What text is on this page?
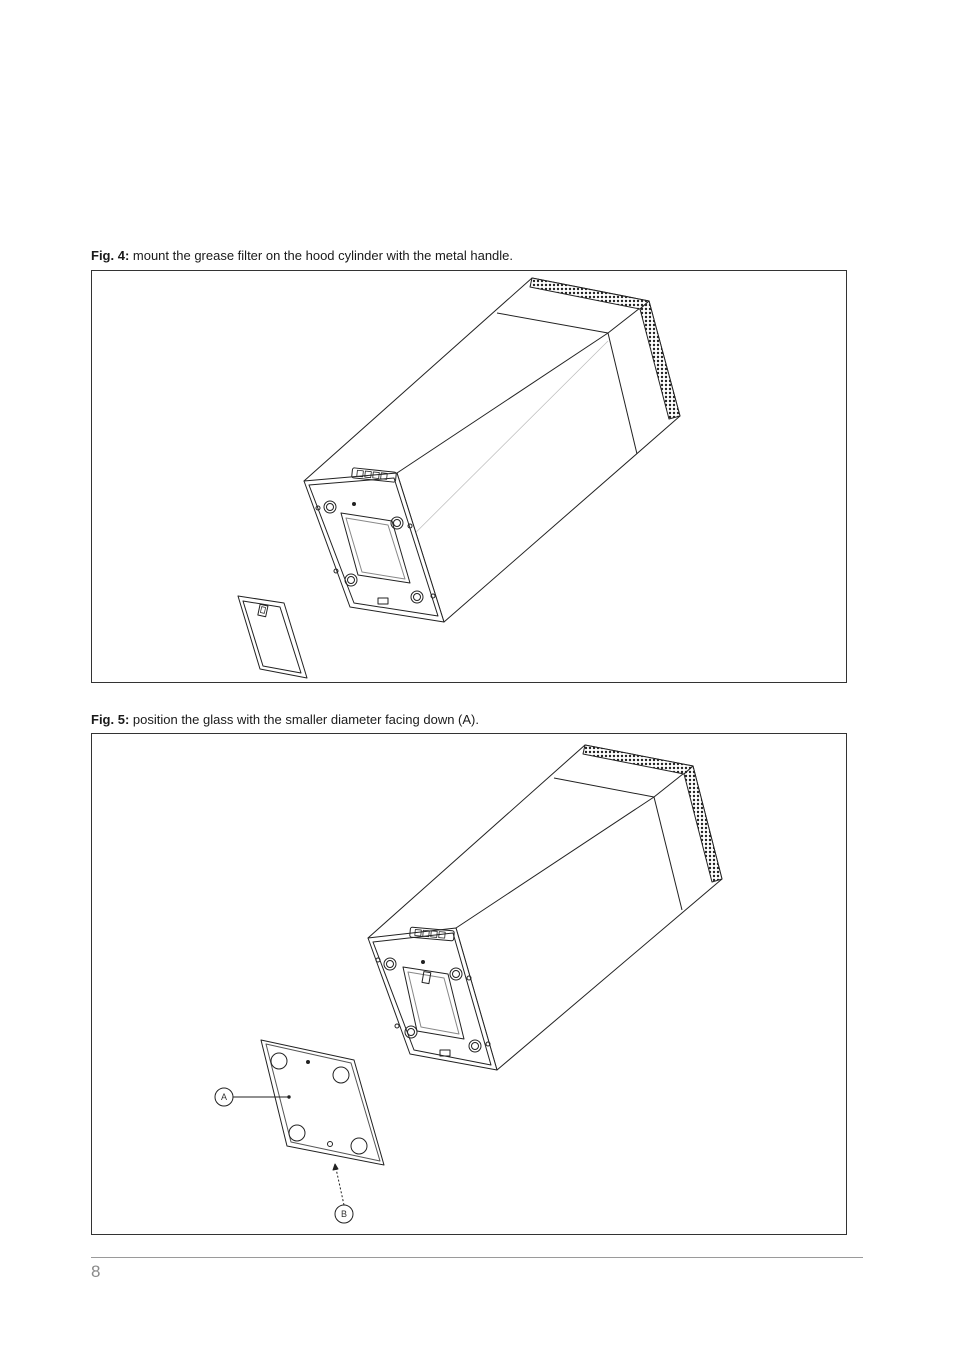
Fig. 4: mount the grease filter on the hood cylinder with the metal handle.
Fig. 5: position the glass with the smaller diameter facing down (A).
A
B
8
